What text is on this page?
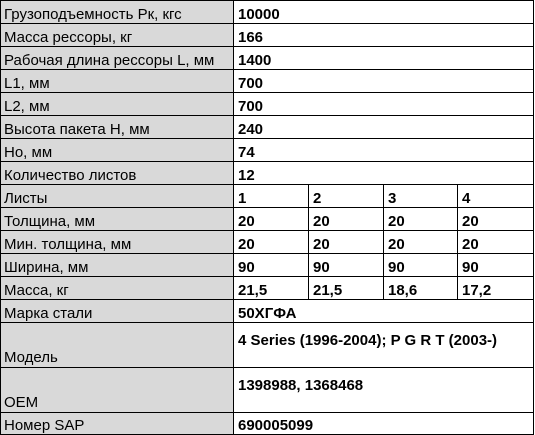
Грузоподъемность Рк, кгс	10000			
Масса рессоры, кг	166			
Рабочая длина рессоры L, мм	1400			
L1, мм	700			
L2, мм	700			
Высота пакета Н, мм	240			
Но, мм	74			
Количество листов	12			
Листы	1	2	3	4
Толщина, мм	20	20	20	20
Мин. толщина, мм	20	20	20	20
Ширина, мм	90	90	90	90
Масса, кг	21,5	21,5	18,6	17,2
Марка стали	50ХГФА			
Модель	4 Series (1996-2004); P G R T (2003-)			
OEM	1398988, 1368468			
Номер SAP	690005099			
